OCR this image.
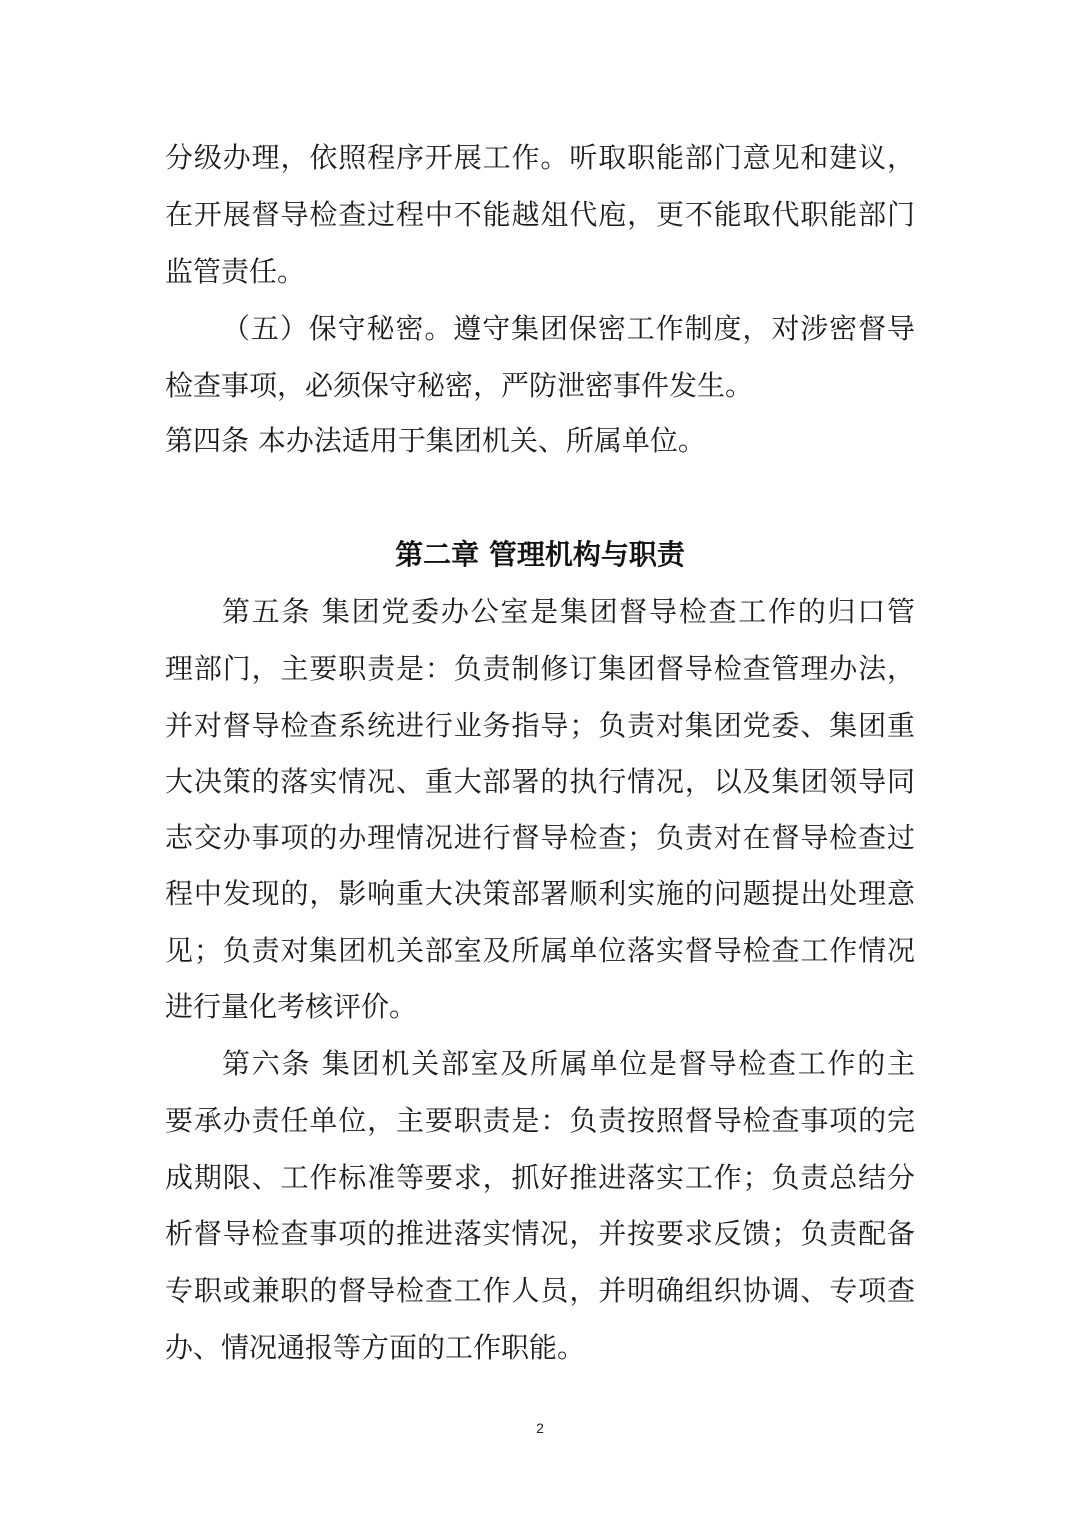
分级办理，依照程序开展工作。听取职能部门意见和建议，
在开展督导检查过程中不能越俎代庖，更不能取代职能部门
监管责任。
（五）保守秘密。遵守集团保密工作制度，对涉密督导
检查事项，必须保守秘密，严防泄密事件发生。
第四条 本办法适用于集团机关、所属单位。
第二章 管理机构与职责
第五条 集团党委办公室是集团督导检查工作的归口管
理部门，主要职责是：负责制修订集团督导检查管理办法，
并对督导检查系统进行业务指导；负责对集团党委、集团重
大决策的落实情况、重大部署的执行情况，以及集团领导同
志交办事项的办理情况进行督导检查；负责对在督导检查过
程中发现的，影响重大决策部署顺利实施的问题提出处理意
见；负责对集团机关部室及所属单位落实督导检查工作情况
进行量化考核评价。
第六条 集团机关部室及所属单位是督导检查工作的主
要承办责任单位，主要职责是：负责按照督导检查事项的完
成期限、工作标准等要求，抓好推进落实工作；负责总结分
析督导检查事项的推进落实情况，并按要求反馈；负责配备
专职或兼职的督导检查工作人员，并明确组织协调、专项查
办、情况通报等方面的工作职能。
2
